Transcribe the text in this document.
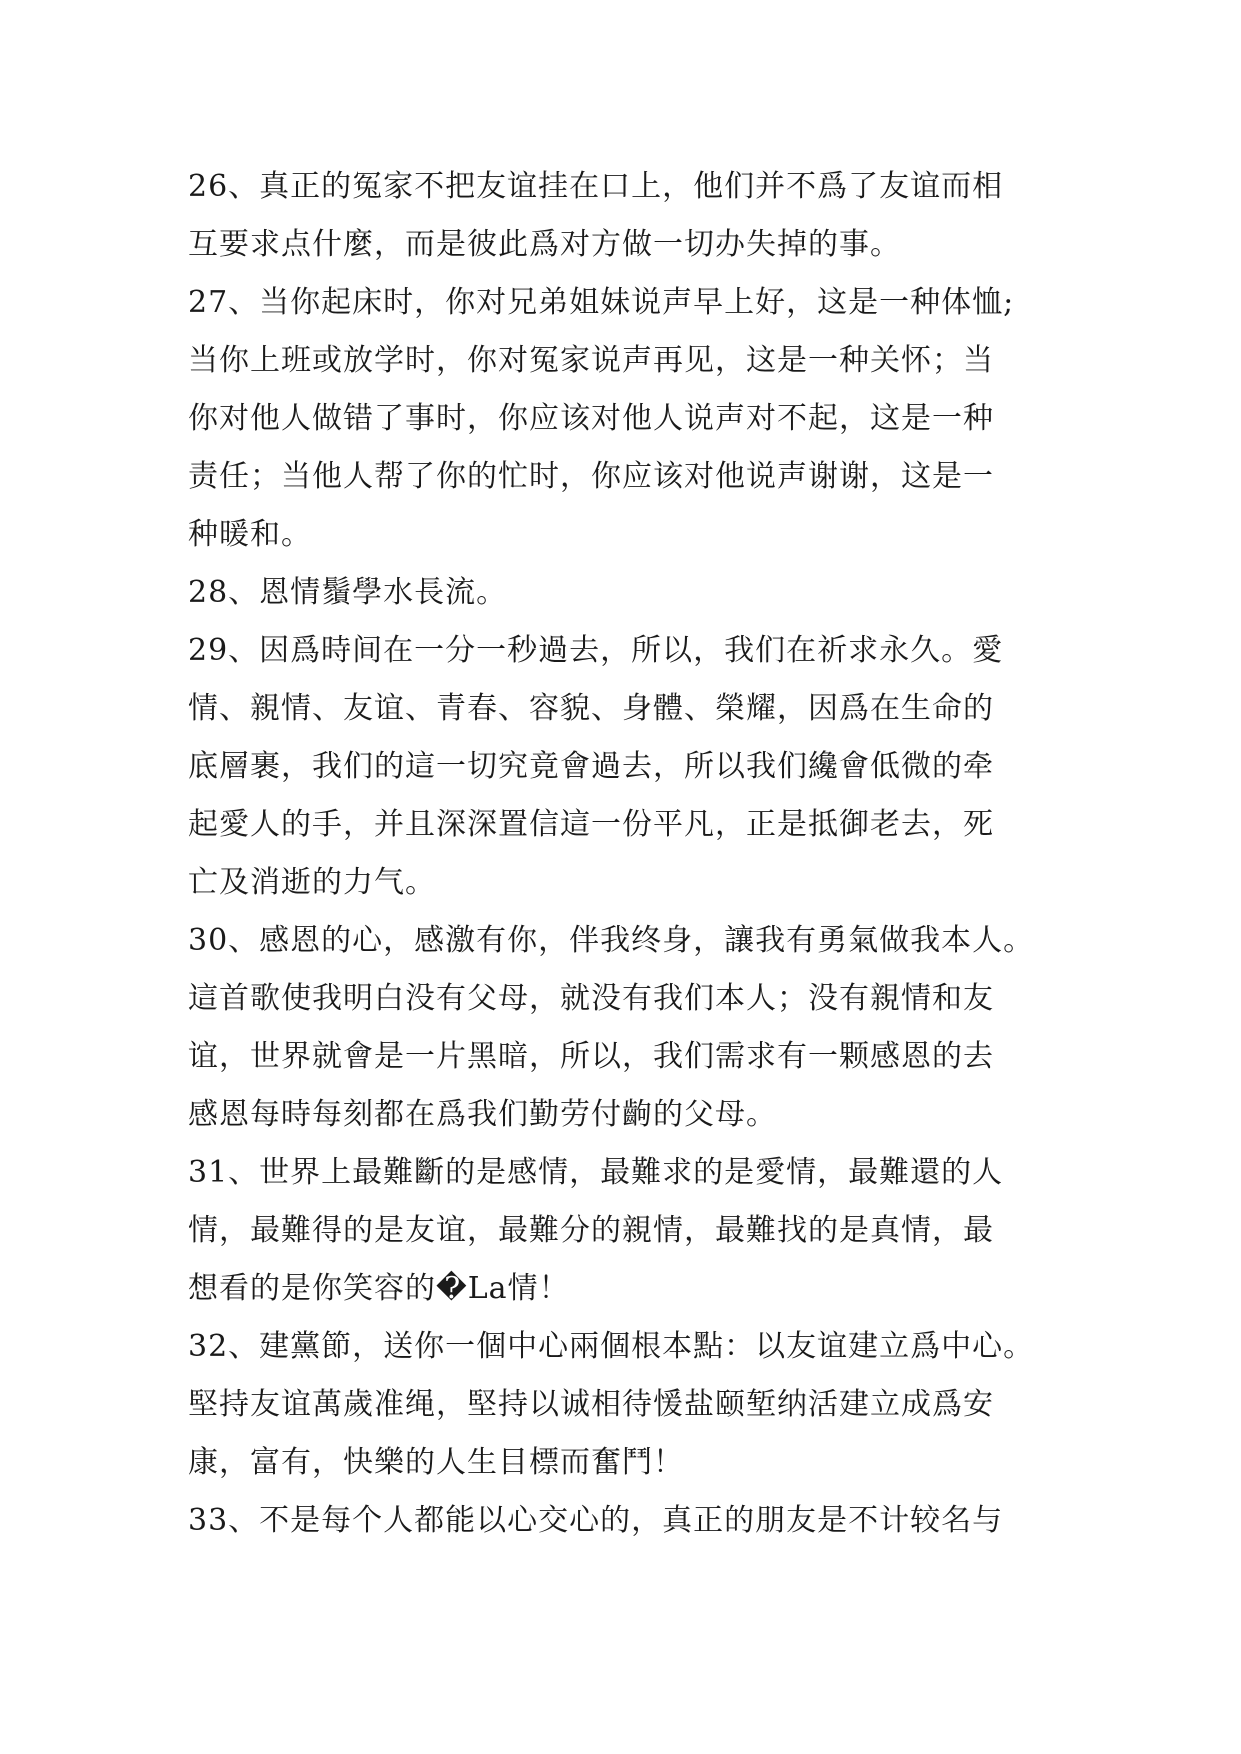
26、真正的冤家不把友谊挂在口上，他们并不爲了友谊而相
互要求点什麼，而是彼此爲对方做一切办失掉的事。
27、当你起床时，你对兄弟姐妹说声早上好，这是一种体恤;
当你上班或放学时，你对冤家说声再见，这是一种关怀；当
你对他人做错了事时，你应该对他人说声对不起，这是一种
责任；当他人帮了你的忙时，你应该对他说声谢谢，这是一
种暖和。
28、恩情鬚學水長流。
29、因爲時间在一分一秒過去，所以，我们在祈求永久。愛
情、親情、友谊、青春、容貌、身體、榮耀，因爲在生命的
底層裹，我们的這一切究竟會過去，所以我们纔會低微的牵
起愛人的手，并且深深置信這一份平凡，正是抵御老去，死
亡及消逝的力气。
30、感恩的心，感激有你，伴我终身，讓我有勇氣做我本人。
這首歌使我明白没有父母，就没有我们本人；没有親情和友
谊，世界就會是一片黑暗，所以，我们需求有一颗感恩的去
感恩每時每刻都在爲我们勤劳付齣的父母。
31、世界上最難斷的是感情，最難求的是愛情，最難還的人
情，最難得的是友谊，最難分的親情，最難找的是真情，最
想看的是你笑容的�La情！
32、建黨節，送你一個中心兩個根本點：以友谊建立爲中心。
堅持友谊萬歲准绳，堅持以诚相待愋盐颐堑纳活建立成爲安
康，富有，快樂的人生目標而奮鬥！
33、不是每个人都能以心交心的，真正的朋友是不计较名与
